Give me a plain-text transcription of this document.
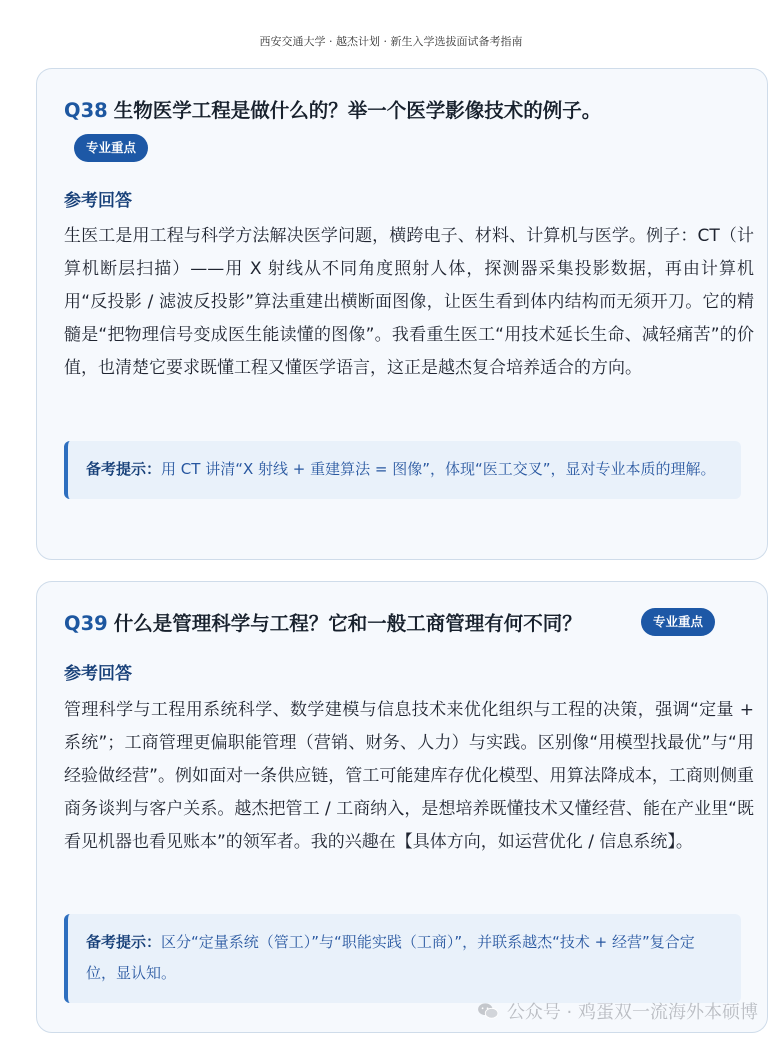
西安交通大学 · 越杰计划 · 新生入学选拔面试备考指南
Q38 生物医学工程是做什么的？举一个医学影像技术的例子。
专业重点
参考回答

生医工是用工程与科学方法解决医学问题，横跨电子、材料、计算机与医学。例子：CT（计算机断层扫描）——用 X 射线从不同角度照射人体，探测器采集投影数据，再由计算机用“反投影 / 滤波反投影”算法重建出横断面图像，让医生看到体内结构而无须开刀。它的精髓是“把物理信号变成医生能读懂的图像”。我看重生医工“用技术延长生命、减轻痛苦”的价值，也清楚它要求既懂工程又懂医学语言，这正是越杰复合培养适合的方向。

备考提示：用 CT 讲清“X 射线 + 重建算法 = 图像”，体现“医工交叉”，显对专业本质的理解。
Q39 什么是管理科学与工程？它和一般工商管理有何不同？	专业重点
参考回答

管理科学与工程用系统科学、数学建模与信息技术来优化组织与工程的决策，强调“定量 + 系统”；工商管理更偏职能管理（营销、财务、人力）与实践。区别像“用模型找最优”与“用经验做经营”。例如面对一条供应链，管工可能建库存优化模型、用算法降成本，工商则侧重商务谈判与客户关系。越杰把管工 / 工商纳入，是想培养既懂技术又懂经营、能在产业里“既看见机器也看见账本”的领军者。我的兴趣在【具体方向，如运营优化 / 信息系统】。

备考提示：区分“定量系统（管工）”与“职能实践（工商）”，并联系越杰“技术 + 经营”复合定位，显认知。
公众号 · 鸡蛋双一流海外本硕博
